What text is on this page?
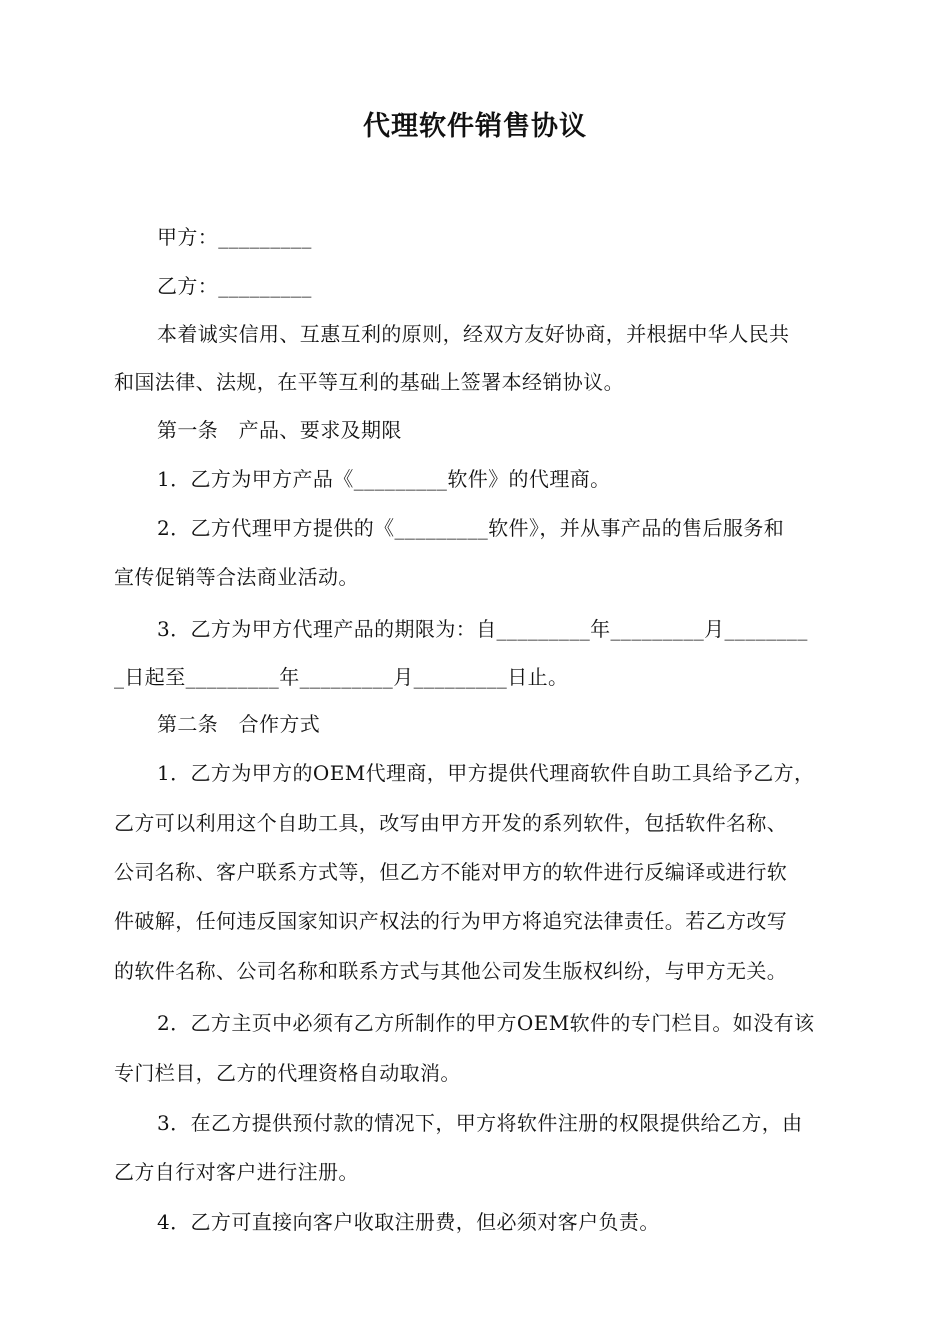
代理软件销售协议
甲方：_________
乙方：_________
本着诚实信用、互惠互利的原则，经双方友好协商，并根据中华人民共
和国法律、法规，在平等互利的基础上签署本经销协议。
第一条　产品、要求及期限
1．乙方为甲方产品《_________软件》的代理商。
2．乙方代理甲方提供的《_________软件》，并从事产品的售后服务和
宣传促销等合法商业活动。
3．乙方为甲方代理产品的期限为：自_________年_________月________
_日起至_________年_________月_________日止。
第二条　合作方式
1．乙方为甲方的OEM代理商，甲方提供代理商软件自助工具给予乙方，
乙方可以利用这个自助工具，改写由甲方开发的系列软件，包括软件名称、
公司名称、客户联系方式等，但乙方不能对甲方的软件进行反编译或进行软
件破解，任何违反国家知识产权法的行为甲方将追究法律责任。若乙方改写
的软件名称、公司名称和联系方式与其他公司发生版权纠纷，与甲方无关。
2．乙方主页中必须有乙方所制作的甲方OEM软件的专门栏目。如没有该
专门栏目，乙方的代理资格自动取消。
3．在乙方提供预付款的情况下，甲方将软件注册的权限提供给乙方，由
乙方自行对客户进行注册。
4．乙方可直接向客户收取注册费，但必须对客户负责。
